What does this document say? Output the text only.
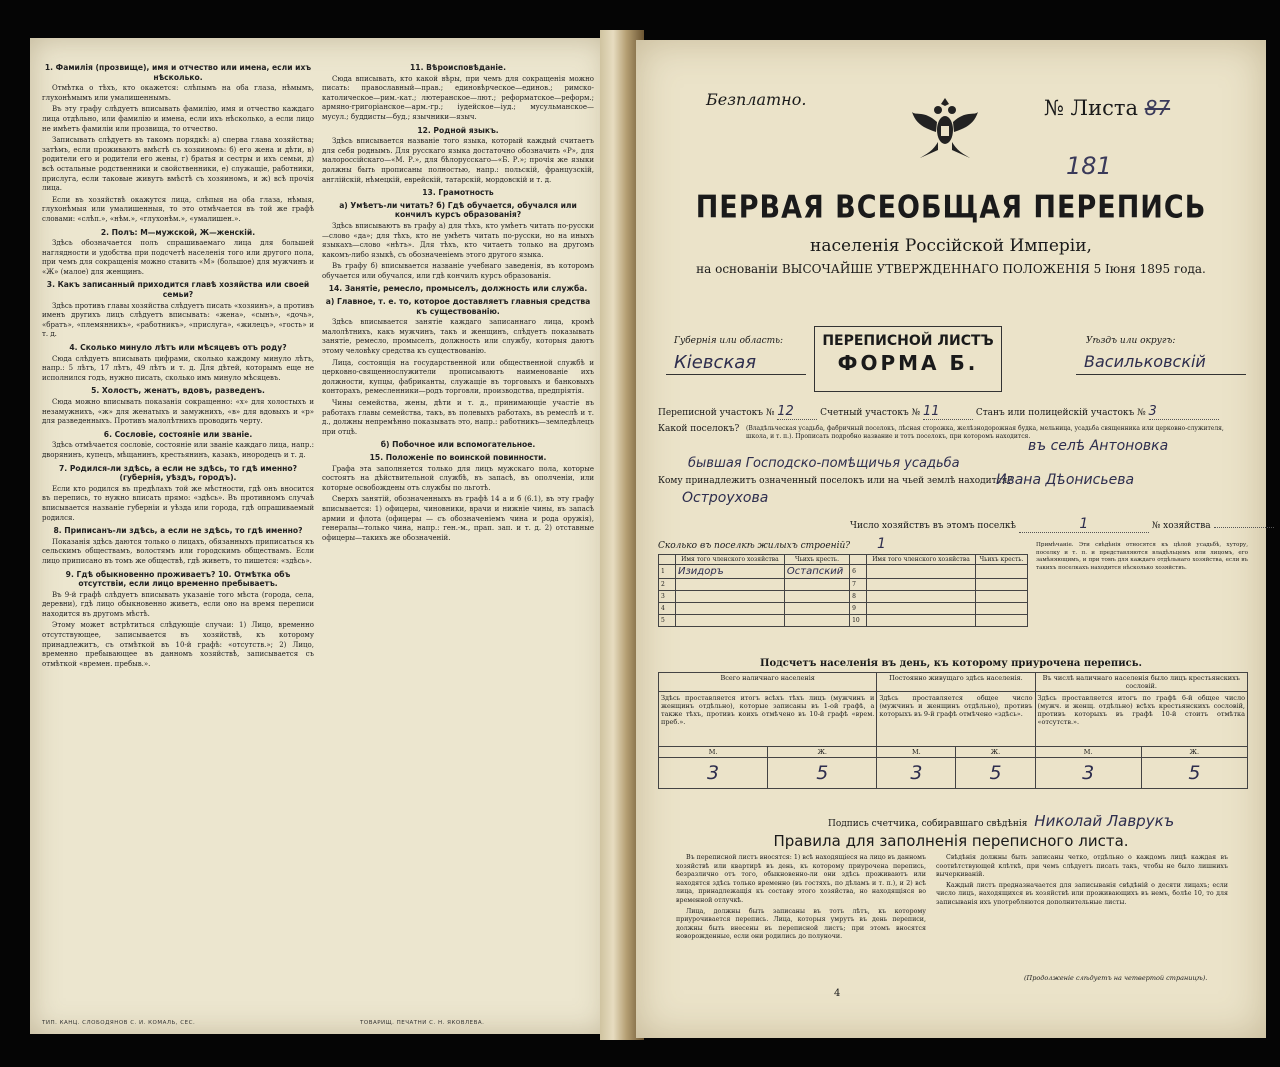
1. Фамилія (прозвище), имя и отчество или имена, если ихъ нѣсколько.

Отмѣтка о тѣхъ, кто окажется: слѣпымъ на оба глаза, нѣмымъ, глухонѣмымъ или умалишеннымъ.

Въ эту графу слѣдуетъ вписывать фамилію, имя и отчество каждаго лица отдѣльно, или фамилію и имена, если ихъ нѣсколько, а если лицо не имѣетъ фамиліи или прозвища, то отчество.

Записывать слѣдуетъ въ такомъ порядкѣ: а) сперва глава хозяйства; затѣмъ, если проживаютъ вмѣстѣ съ хозяиномъ: б) его жена и дѣти, в) родители его и родители его жены, г) братья и сестры и ихъ семьи, д) всѣ остальные родственники и свойственники, е) служащіе, работники, прислуга, если таковые живутъ вмѣстѣ съ хозяиномъ, и ж) всѣ прочія лица.

Если въ хозяйствѣ окажутся лица, слѣпыя на оба глаза, нѣмыя, глухонѣмыя или умалишенныя, то это отмѣчается въ той же графѣ словами: «слѣп.», «нѣм.», «глухонѣм.», «умалишен.».

2. Полъ: М—мужской, Ж—женскій.

Здѣсь обозначается полъ спрашиваемаго лица для большей наглядности и удобства при подсчетѣ населенія того или другого пола, при чемъ для сокращенія можно ставить «М» (большое) для мужчинъ и «Ж» (малое) для женщинъ.

3. Какъ записанный приходится главѣ хозяйства или своей семьи?

Здѣсь противъ главы хозяйства слѣдуетъ писать «хозяинъ», а противъ именъ другихъ лицъ слѣдуетъ вписывать: «жена», «сынъ», «дочь», «братъ», «племянникъ», «работникъ», «прислуга», «жилецъ», «гость» и т. д.

4. Сколько минуло лѣтъ или мѣсяцевъ отъ роду?

Сюда слѣдуетъ вписывать цифрами, сколько каждому минуло лѣтъ, напр.: 5 лѣтъ, 17 лѣтъ, 49 лѣтъ и т. д. Для дѣтей, которымъ еще не исполнился годъ, нужно писать, сколько имъ минуло мѣсяцевъ.

5. Холостъ, женатъ, вдовъ, разведенъ.

Сюда можно вписывать показанія сокращенно: «х» для холостыхъ и незамужнихъ, «ж» для женатыхъ и замужнихъ, «в» для вдовыхъ и «р» для разведенныхъ. Противъ малолѣтнихъ проводить черту.

6. Сословіе, состояніе или званіе.

Здѣсь отмѣчается сословіе, состояніе или званіе каждаго лица, напр.: дворянинъ, купецъ, мѣщанинъ, крестьянинъ, казакъ, инородецъ и т. д.

7. Родился-ли здѣсь, а если не здѣсь, то гдѣ именно? (губернія, уѣздъ, городъ).

Если кто родился въ предѣлахъ той же мѣстности, гдѣ онъ вносится въ перепись, то нужно вписать прямо: «здѣсь». Въ противномъ случаѣ вписывается названіе губерніи и уѣзда или города, гдѣ опрашиваемый родился.

8. Приписанъ-ли здѣсь, а если не здѣсь, то гдѣ именно?

Показанія здѣсь даются только о лицахъ, обязанныхъ приписаться къ сельскимъ обществамъ, волостямъ или городскимъ обществамъ. Если лицо приписано въ томъ же обществѣ, гдѣ живетъ, то пишется: «здѣсь».

9. Гдѣ обыкновенно проживаетъ? 10. Отмѣтка объ отсутствіи, если лицо временно пребываетъ.

Въ 9-й графѣ слѣдуетъ вписывать указаніе того мѣста (города, села, деревни), гдѣ лицо обыкновенно живетъ, если оно на время переписи находится въ другомъ мѣстѣ.

Этому может встрѣтиться слѣдующіе случаи: 1) Лицо, временно отсутствующее, записывается въ хозяйствѣ, къ которому принадлежитъ, съ отмѣткой въ 10-й графѣ: «отсутств.»; 2) Лицо, временно пребывающее въ данномъ хозяйствѣ, записывается съ отмѣткой «времен. пребыв.».

11. Вѣроисповѣданіе.

Сюда вписывать, кто какой вѣры, при чемъ для сокращенія можно писать: православный—прав.; единовѣрческое—единов.; римско-католическое—рим.-кат.; лютеранское—лют.; реформатское—реформ.; армяно-григоріанское—арм.-гр.; іудейское—іуд.; мусульманское—мусул.; буддисты—буд.; язычники—языч.

12. Родной языкъ.

Здѣсь вписывается названіе того языка, который каждый считаетъ для себя роднымъ. Для русскаго языка достаточно обозначить «Р», для малороссійскаго—«М. Р.», для бѣлорусскаго—«Б. Р.»; прочія же языки должны быть прописаны полностью, напр.: польскій, французскій, англійскій, нѣмецкій, еврейскій, татарскій, мордовскій и т. д.

13. Грамотность

а) Умѣетъ-ли читать? б) Гдѣ обучается, обучался или кончилъ курсъ образованія?

Здѣсь вписываютъ въ графу а) для тѣхъ, кто умѣетъ читать по-русски—слово «да»; для тѣхъ, кто не умѣетъ читать по-русски, но на иныхъ языкахъ—слово «нѣтъ». Для тѣхъ, кто читаетъ только на другомъ какомъ-либо языкѣ, съ обозначеніемъ этого другого языка.

Въ графу б) вписывается названіе учебнаго заведенія, въ которомъ обучается или обучался, или гдѣ кончилъ курсъ образованія.

14. Занятіе, ремесло, промыселъ, должность или служба.

а) Главное, т. е. то, которое доставляетъ главныя средства къ существованію.

Здѣсь вписывается занятіе каждаго записаннаго лица, кромѣ малолѣтнихъ, какъ мужчинъ, такъ и женщинъ, слѣдуетъ показывать занятіе, ремесло, промыселъ, должность или службу, которыя даютъ этому человѣку средства къ существованію.

Лица, состоящія на государственной или общественной службѣ и церковно-священнослужители прописываютъ наименованіе ихъ должности, купцы, фабриканты, служащіе въ торговыхъ и банковыхъ конторахъ, ремесленники—родъ торговли, производства, предпріятія.

Чины семейства, жены, дѣти и т. д., принимающіе участіе въ работахъ главы семейства, такъ, въ полевыхъ работахъ, въ ремеслѣ и т. д., должны непремѣнно показывать это, напр.: работникъ—земледѣлецъ при отцѣ.

б) Побочное или вспомогательное.

15. Положеніе по воинской повинности.

Графа эта заполняется только для лицъ мужскаго пола, которые состоятъ на дѣйствительной службѣ, въ запасѣ, въ ополченіи, или которые освобождены отъ службы по льготѣ.

Сверхъ занятій, обозначенныхъ въ графѣ 14 а и б (6.1), въ эту графу вписывается: 1) офицеры, чиновники, врачи и нижніе чины, въ запасѣ армии и флота (офицеры — съ обозначеніемъ чина и рода оружія), генералы—только чина, напр.: ген.-м., прап. зап. и т. д. 2) отставные офицеры—такихъ же обозначеній.

ТИП. КАНЦ. СЛОБОДЯНОВ С. И. КОМАЛЬ, СЕС.	ТОВАРИЩ. ПЕЧАТНИ С. Н. ЯКОВЛЕВА.
Безплатно.	№ Листа 87
181
ПЕРВАЯ ВСЕОБЩАЯ ПЕРЕПИСЬ
населенія Россійской Имперіи,
на основаніи ВЫСОЧАЙШЕ УТВЕРЖДЕННАГО ПОЛОЖЕНІЯ 5 Іюня 1895 года.
Губернія или область:
Кіевская
ПЕРЕПИСНОЙ ЛИСТЪ
ФОРМА Б.
Уѣздъ или округъ:
Васильковскій
Переписной участокъ № 12	Счетный участокъ № 11	Станъ или полицейскій участокъ № 3
Какой поселокъ? (Владѣльческая усадьба, фабричный поселокъ, лѣсная сторожка, желѣзнодорожная будка, мельница, усадьба священника или церковно-служителя, школа, и т. п.). Прописать подробно название и тотъ поселокъ, при которомъ находится.
въ селѣ Антоновка
бывшая Господско-помѣщичья усадьба
Кому принадлежитъ означенный поселокъ или на чьей землѣ находится?
Ивана Дѣонисьева
Остроухова
Число хозяйствъ въ этомъ поселкѣ	1	№ хозяйства
Сколько въ поселкѣ жилыхъ строеній? 1

	Имя того членского хозяйства	Чьихъ кресть.		Имя того членского хозяйства	Чьихъ кресть.
1	Изидоръ	Остапский	6		
2			7		
3			8		
4			9		
5			10		
Примѣчаніе. Эти свѣдѣнія относятся къ цѣлой усадьбѣ, хутору, поселку и т. п. и представляются владѣльцемъ или лицомъ, его замѣняющимъ, и при томъ для каждаго отдѣльнаго хозяйства, если въ такихъ поселкахъ находится нѣсколько хозяйствъ.
Подсчетъ населенія въ день, къ которому приурочена перепись.
Всего наличнаго населенія		Постоянно живущаго здѣсь населенія.		Въ числѣ наличнаго населенія было лицъ крестьянскихъ сословій.	
Здѣсь проставляется итогъ всѣхъ тѣхъ лицъ (мужчинъ и женщинъ отдѣльно), которые записаны въ 1-ой графѣ, а также тѣхъ, противъ коихъ отмѣчено въ 10-й графѣ «врем. преб.».		Здѣсь проставляется общее число (мужчинъ и женщинъ отдѣльно), противъ которыхъ въ 9-й графѣ отмѣчено «здѣсь».		Здѣсь проставляется итогъ по графѣ 6-й общее число (мужч. и женщ. отдѣльно) всѣхъ крестьянскихъ сословій, противъ которыхъ въ графѣ 10-й стоитъ отмѣтка «отсутств.».	
М.	Ж.	М.	Ж.	М.	Ж.
3	5	3	5	3	5
Подпись счетчика, собиравшаго свѣдѣнія Николай Лаврукъ
Правила для заполненія переписного листа.

Въ переписной листъ вносятся: 1) всѣ находящіеся на лицо въ данномъ хозяйствѣ или квартирѣ въ день, къ которому приурочена перепись, безразлично отъ того, обыкновенно-ли они здѣсь проживаютъ или находятся здѣсь только временно (въ гостяхъ, по дѣламъ и т. п.), и 2) всѣ лица, принадлежащія къ составу этого хозяйства, но находящіяся во временной отлучкѣ.

Лица, должны быть записаны въ тотъ лѣтъ, къ которому приурочивается перепись. Лица, которыя умрутъ въ день переписи, должны быть внесены въ переписной листъ; при этомъ вносятся новорожденные, если они родились до полуночи.

Свѣдѣнія должны быть записаны четко, отдѣльно о каждомъ лицѣ каждая въ соотвѣтствующей клѣткѣ, при чемъ слѣдуетъ писать такъ, чтобы не было лишнихъ вычеркиваній.

Каждый листъ предназначается для записыванія свѣдѣній о десяти лицахъ; если число лицъ, находящихся въ хозяйствѣ или проживающихъ въ немъ, болѣе 10, то для записыванія ихъ употребляются дополнительные листы.

(Продолженіе слѣдуетъ на четвертой страницѣ).
4
